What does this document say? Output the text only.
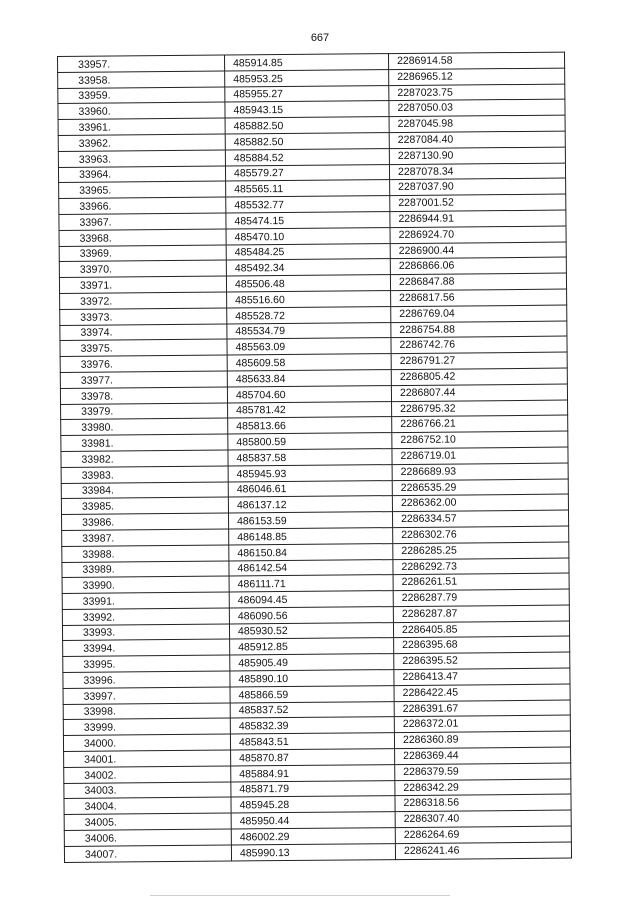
667
33957.	485914.85	2286914.58
33958.	485953.25	2286965.12
33959.	485955.27	2287023.75
33960.	485943.15	2287050.03
33961.	485882.50	2287045.98
33962.	485882.50	2287084.40
33963.	485884.52	2287130.90
33964.	485579.27	2287078.34
33965.	485565.11	2287037.90
33966.	485532.77	2287001.52
33967.	485474.15	2286944.91
33968.	485470.10	2286924.70
33969.	485484.25	2286900.44
33970.	485492.34	2286866.06
33971.	485506.48	2286847.88
33972.	485516.60	2286817.56
33973.	485528.72	2286769.04
33974.	485534.79	2286754.88
33975.	485563.09	2286742.76
33976.	485609.58	2286791.27
33977.	485633.84	2286805.42
33978.	485704.60	2286807.44
33979.	485781.42	2286795.32
33980.	485813.66	2286766.21
33981.	485800.59	2286752.10
33982.	485837.58	2286719.01
33983.	485945.93	2286689.93
33984.	486046.61	2286535.29
33985.	486137.12	2286362.00
33986.	486153.59	2286334.57
33987.	486148.85	2286302.76
33988.	486150.84	2286285.25
33989.	486142.54	2286292.73
33990.	486111.71	2286261.51
33991.	486094.45	2286287.79
33992.	486090.56	2286287.87
33993.	485930.52	2286405.85
33994.	485912.85	2286395.68
33995.	485905.49	2286395.52
33996.	485890.10	2286413.47
33997.	485866.59	2286422.45
33998.	485837.52	2286391.67
33999.	485832.39	2286372.01
34000.	485843.51	2286360.89
34001.	485870.87	2286369.44
34002.	485884.91	2286379.59
34003.	485871.79	2286342.29
34004.	485945.28	2286318.56
34005.	485950.44	2286307.40
34006.	486002.29	2286264.69
34007.	485990.13	2286241.46
